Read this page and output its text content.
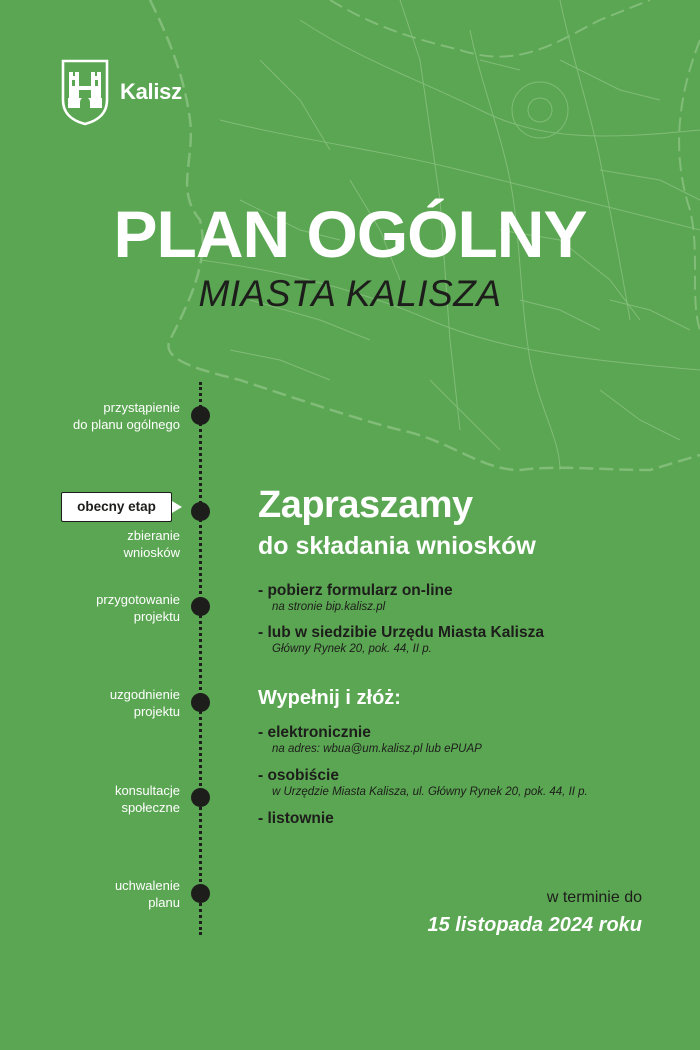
Kalisz
PLAN OGÓLNY
MIASTA KALISZA
przystąpienie
do planu ogólnego
obecny etap
zbieranie
wniosków
przygotowanie
projektu
uzgodnienie
projektu
konsultacje
społeczne
uchwalenie
planu
Zapraszamy
do składania wniosków
- pobierz formularz on-line
na stronie bip.kalisz.pl
- lub w siedzibie Urzędu Miasta Kalisza
Główny Rynek 20, pok. 44, II p.
Wypełnij i złóż:
- elektronicznie
na adres: wbua@um.kalisz.pl lub ePUAP
- osobiście
w Urzędzie Miasta Kalisza, ul. Główny Rynek 20, pok. 44, II p.
- listownie
w terminie do
15 listopada 2024 roku
